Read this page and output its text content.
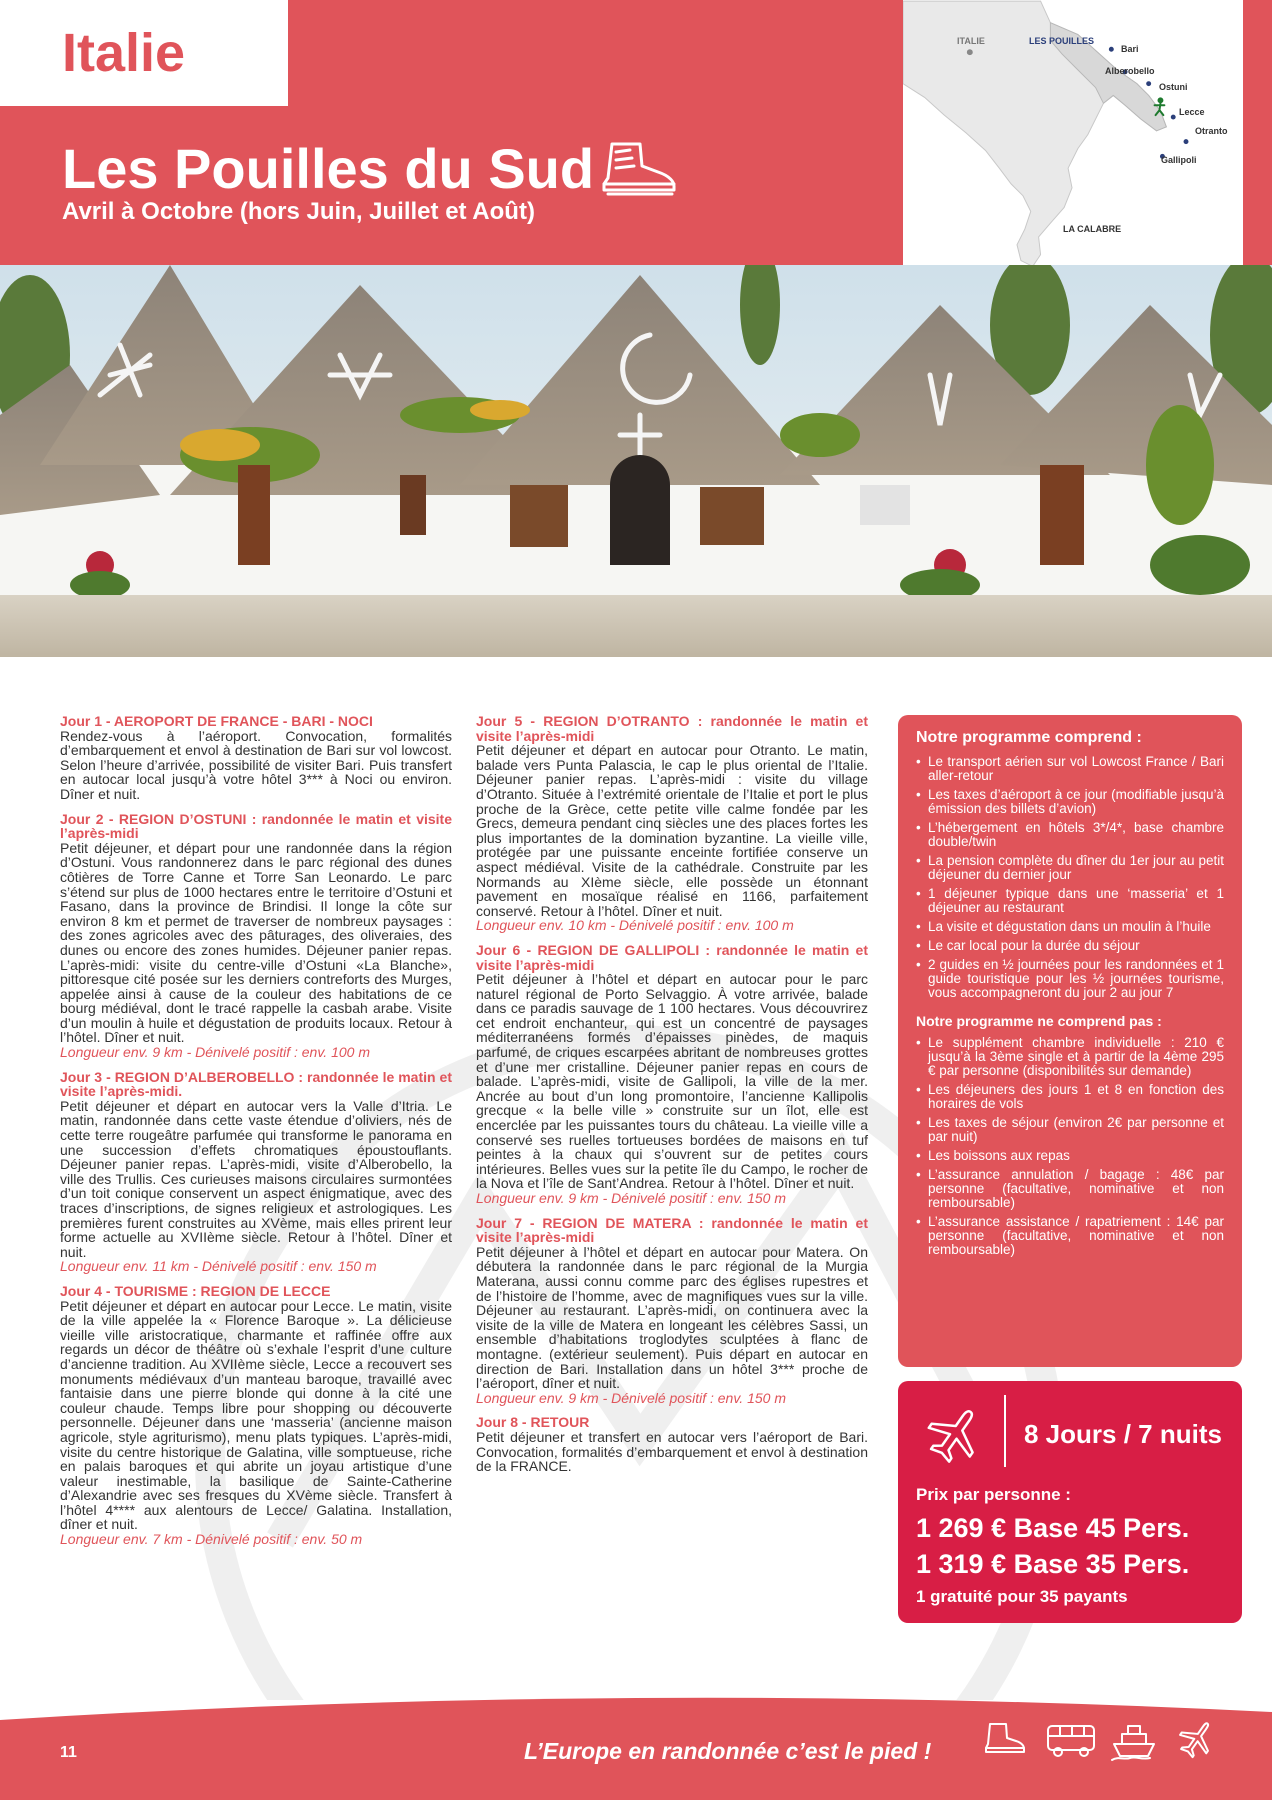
Italie
Les Pouilles du Sud
Avril à Octobre (hors Juin, Juillet et Août)
ITALIE	LES POUILLES
Bari
Alberobello
Ostuni
Lecce
Otranto
Gallipoli
LA CALABRE
Jour 1 - AEROPORT DE FRANCE - BARI - NOCI

Rendez-vous à l’aéroport. Convocation, formalités d’embarquement et envol à destination de Bari sur vol lowcost. Selon l’heure d’arrivée, possibilité de visiter Bari. Puis transfert en autocar local jusqu’à votre hôtel 3*** à Noci ou environ. Dîner et nuit.

Jour 2 - REGION D’OSTUNI : randonnée le matin et visite l’après-midi

Petit déjeuner, et départ pour une randonnée dans la région d’Ostuni. Vous randonnerez dans le parc régional des dunes côtières de Torre Canne et Torre San Leonardo. Le parc s’étend sur plus de 1000 hectares entre le territoire d’Ostuni et Fasano, dans la province de Brindisi. Il longe la côte sur environ 8 km et permet de traverser de nombreux paysages : des zones agricoles avec des pâturages, des oliveraies, des dunes ou encore des zones humides. Déjeuner panier repas. L’après-midi: visite du centre-ville d’Ostuni «La Blanche», pittoresque cité posée sur les derniers contreforts des Murges, appelée ainsi à cause de la couleur des habitations de ce bourg médiéval, dont le tracé rappelle la casbah arabe. Visite d’un moulin à huile et dégustation de produits locaux. Retour à l’hôtel. Dîner et nuit.

Longueur env. 9 km - Dénivelé positif : env. 100 m

Jour 3 - REGION D’ALBEROBELLO : randonnée le matin et visite l’après-midi.

Petit déjeuner et départ en autocar vers la Valle d’Itria. Le matin, randonnée dans cette vaste étendue d’oliviers, nés de cette terre rougeâtre parfumée qui transforme le panorama en une succession d’effets chromatiques époustouflants. Déjeuner panier repas. L’après-midi, visite d’Alberobello, la ville des Trullis. Ces curieuses maisons circulaires surmontées d’un toit conique conservent un aspect énigmatique, avec des traces d’inscriptions, de signes religieux et astrologiques. Les premières furent construites au XVème, mais elles prirent leur forme actuelle au XVIIème siècle. Retour à l’hôtel. Dîner et nuit.

Longueur env. 11 km - Dénivelé positif : env. 150 m

Jour 4 - TOURISME : REGION DE LECCE

Petit déjeuner et départ en autocar pour Lecce. Le matin, visite de la ville appelée la « Florence Baroque ». La délicieuse vieille ville aristocratique, charmante et raffinée offre aux regards un décor de théâtre où s’exhale l’esprit d’une culture d’ancienne tradition. Au XVIIème siècle, Lecce a recouvert ses monuments médiévaux d’un manteau baroque, travaillé avec fantaisie dans une pierre blonde qui donne à la cité une couleur chaude. Temps libre pour shopping ou découverte personnelle. Déjeuner dans une ‘masseria’ (ancienne maison agricole, style agriturismo), menu plats typiques. L’après-midi, visite du centre historique de Galatina, ville somptueuse, riche en palais baroques et qui abrite un joyau artistique d’une valeur inestimable, la basilique de Sainte-Catherine d’Alexandrie avec ses fresques du XVème siècle. Transfert à l’hôtel 4**** aux alentours de Lecce/ Galatina. Installation, dîner et nuit.

Longueur env. 7 km - Dénivelé positif : env. 50 m

Jour 5 - REGION D’OTRANTO : randonnée le matin et visite l’après-midi

Petit déjeuner et départ en autocar pour Otranto. Le matin, balade vers Punta Palascia, le cap le plus oriental de l’Italie. Déjeuner panier repas. L’après-midi : visite du village d’Otranto. Située à l’extrémité orientale de l’Italie et port le plus proche de la Grèce, cette petite ville calme fondée par les Grecs, demeura pendant cinq siècles une des places fortes les plus importantes de la domination byzantine. La vieille ville, protégée par une puissante enceinte fortifiée conserve un aspect médiéval. Visite de la cathédrale. Construite par les Normands au XIème siècle, elle possède un étonnant pavement en mosaïque réalisé en 1166, parfaitement conservé. Retour à l’hôtel. Dîner et nuit.

Longueur env. 10 km - Dénivelé positif : env. 100 m

Jour 6 - REGION DE GALLIPOLI : randonnée le matin et visite l’après-midi

Petit déjeuner à l’hôtel et départ en autocar pour le parc naturel régional de Porto Selvaggio. À votre arrivée, balade dans ce paradis sauvage de 1 100 hectares. Vous découvrirez cet endroit enchanteur, qui est un concentré de paysages méditerranéens formés d’épaisses pinèdes, de maquis parfumé, de criques escarpées abritant de nombreuses grottes et d’une mer cristalline. Déjeuner panier repas en cours de balade. L’après-midi, visite de Gallipoli, la ville de la mer. Ancrée au bout d’un long promontoire, l’ancienne Kallipolis grecque « la belle ville » construite sur un îlot, elle est encerclée par les puissantes tours du château. La vieille ville a conservé ses ruelles tortueuses bordées de maisons en tuf peintes à la chaux qui s’ouvrent sur de petites cours intérieures. Belles vues sur la petite île du Campo, le rocher de la Nova et l’île de Sant’Andrea. Retour à l’hôtel. Dîner et nuit.

Longueur env. 9 km - Dénivelé positif : env. 150 m

Jour 7 - REGION DE MATERA : randonnée le matin et visite l’après-midi

Petit déjeuner à l’hôtel et départ en autocar pour Matera. On débutera la randonnée dans le parc régional de la Murgia Materana, aussi connu comme parc des églises rupestres et de l’histoire de l’homme, avec de magnifiques vues sur la ville. Déjeuner au restaurant. L’après-midi, on continuera avec la visite de la ville de Matera en longeant les célèbres Sassi, un ensemble d’habitations troglodytes sculptées à flanc de montagne. (extérieur seulement). Puis départ en autocar en direction de Bari. Installation dans un hôtel 3*** proche de l’aéroport, dîner et nuit.

Longueur env. 9 km - Dénivelé positif : env. 150 m

Jour 8 - RETOUR

Petit déjeuner et transfert en autocar vers l’aéroport de Bari. Convocation, formalités d’embarquement et envol à destination de la FRANCE.

Notre programme comprend :
• Le transport aérien sur vol Lowcost France / Bari aller-retour
• Les taxes d’aéroport à ce jour (modifiable jusqu’à émission des billets d’avion)
• L’hébergement en hôtels 3*/4*, base chambre double/twin
• La pension complète du dîner du 1er jour au petit déjeuner du dernier jour
• 1 déjeuner typique dans une ‘masseria’ et 1 déjeuner au restaurant
• La visite et dégustation dans un moulin à l’huile
• Le car local pour la durée du séjour
• 2 guides en ½ journées pour les randonnées et 1 guide touristique pour les ½ journées tourisme, vous accompagneront du jour 2 au jour 7
Notre programme ne comprend pas :
• Le supplément chambre individuelle : 210 € jusqu’à la 3ème single et à partir de la 4ème 295 € par personne (disponibilités sur demande)
• Les déjeuners des jours 1 et 8 en fonction des horaires de vols
• Les taxes de séjour (environ 2€ par personne et par nuit)
• Les boissons aux repas
• L’assurance annulation / bagage : 48€ par personne (facultative, nominative et non remboursable)
• L’assurance assistance / rapatriement : 14€ par personne (facultative, nominative et non remboursable)
8 Jours / 7 nuits
Prix par personne :
1 269 € Base 45 Pers.
1 319 € Base 35 Pers.
1 gratuité pour 35 payants
11	L’Europe en randonnée c’est le pied !
